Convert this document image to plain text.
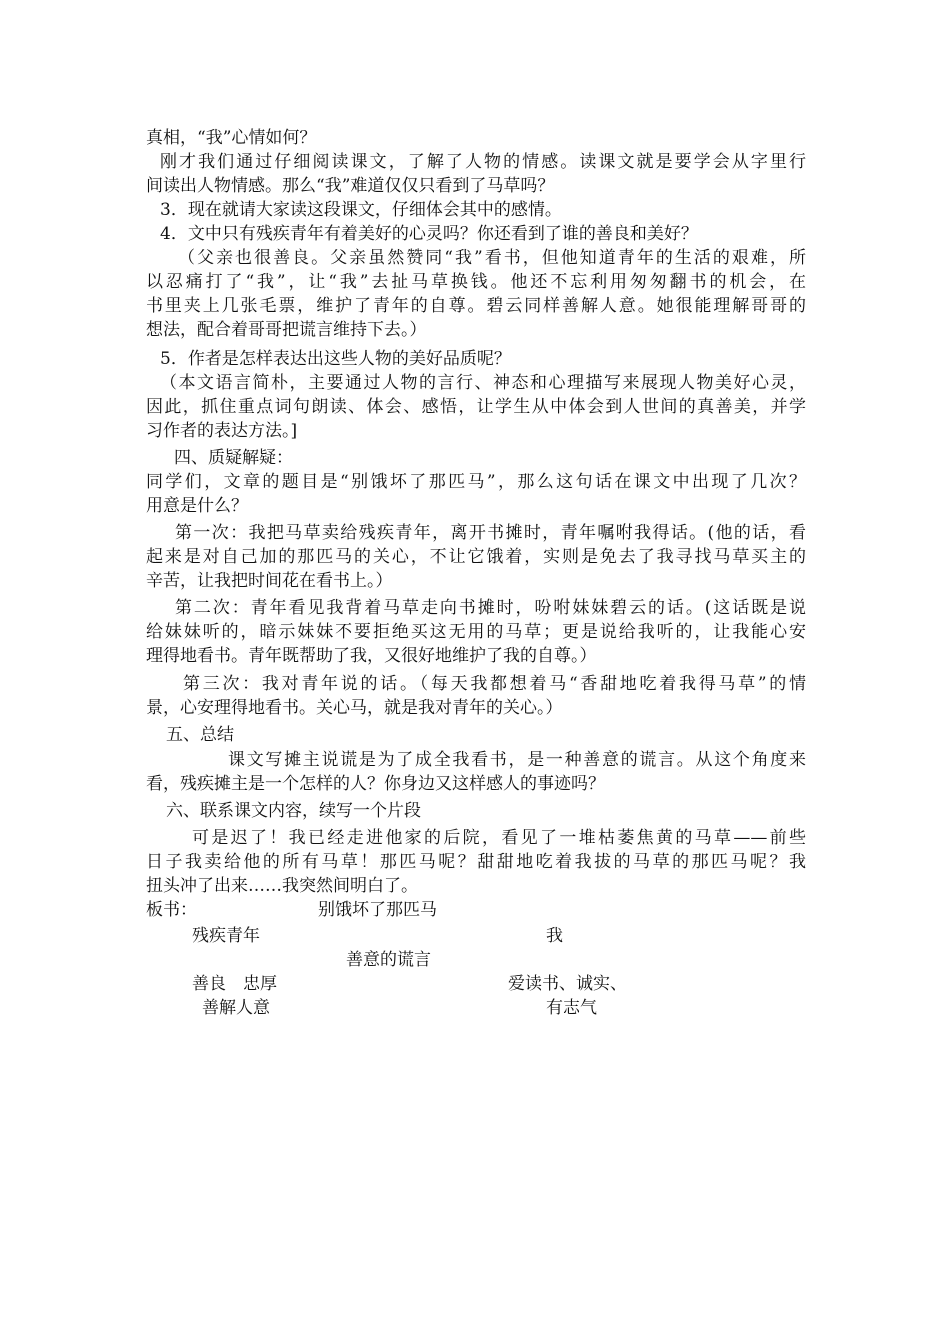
真相，“我”心情如何？
刚才我们通过仔细阅读课文，了解了人物的情感。读课文就是要学会从字里行
间读出人物情感。那么“我”难道仅仅只看到了马草吗？
3．现在就请大家读这段课文，仔细体会其中的感情。
4．文中只有残疾青年有着美好的心灵吗？你还看到了谁的善良和美好？
（父亲也很善良。父亲虽然赞同“我”看书，但他知道青年的生活的艰难，所
以忍痛打了“我”，让“我”去扯马草换钱。他还不忘利用匆匆翻书的机会，在
书里夹上几张毛票，维护了青年的自尊。碧云同样善解人意。她很能理解哥哥的
想法，配合着哥哥把谎言维持下去。）
5．作者是怎样表达出这些人物的美好品质呢？
（本文语言简朴，主要通过人物的言行、神态和心理描写来展现人物美好心灵，
因此，抓住重点词句朗读、体会、感悟，让学生从中体会到人世间的真善美，并学
习作者的表达方法。]
四、质疑解疑：
同学们，文章的题目是“别饿坏了那匹马”，那么这句话在课文中出现了几次？
用意是什么？
第一次：我把马草卖给残疾青年，离开书摊时，青年嘱咐我得话。(他的话，看
起来是对自己加的那匹马的关心，不让它饿着，实则是免去了我寻找马草买主的
辛苦，让我把时间花在看书上。）
第二次：青年看见我背着马草走向书摊时，吩咐妹妹碧云的话。(这话既是说
给妹妹听的，暗示妹妹不要拒绝买这无用的马草；更是说给我听的，让我能心安
理得地看书。青年既帮助了我，又很好地维护了我的自尊。）
第三次：我对青年说的话。（每天我都想着马“香甜地吃着我得马草”的情
景，心安理得地看书。关心马，就是我对青年的关心。）
五、总结
课文写摊主说谎是为了成全我看书，是一种善意的谎言。从这个角度来
看，残疾摊主是一个怎样的人？你身边又这样感人的事迹吗？
六、联系课文内容，续写一个片段
可是迟了！我已经走进他家的后院，看见了一堆枯萎焦黄的马草——前些
日子我卖给他的所有马草！那匹马呢？甜甜地吃着我拔的马草的那匹马呢？我
扭头冲了出来……我突然间明白了。
板书：	别饿坏了那匹马
残疾青年	我
善意的谎言
善良　忠厚	爱读书、诚实、
善解人意	有志气
